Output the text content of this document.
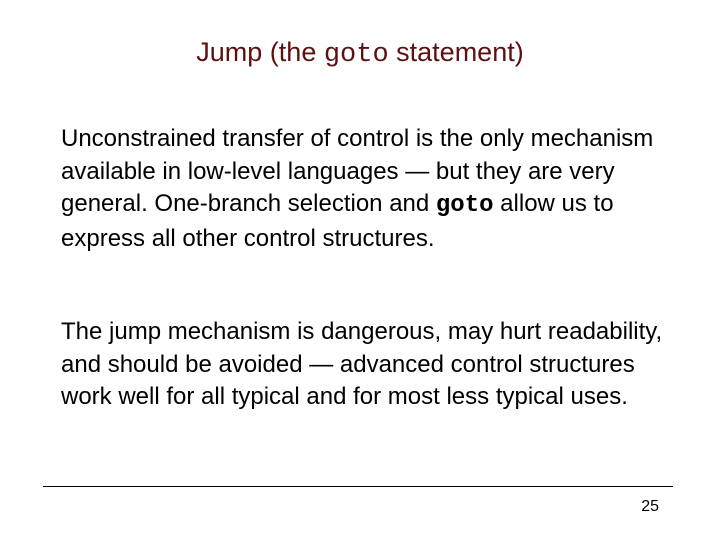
Jump (the goto statement)
Unconstrained transfer of control is the only mechanism available in low-level languages — but they are very general. One-branch selection and goto allow us to express all other control structures.
The jump mechanism is dangerous, may hurt readability, and should be avoided — advanced control structures work well for all typical and for most less typical uses.
25
